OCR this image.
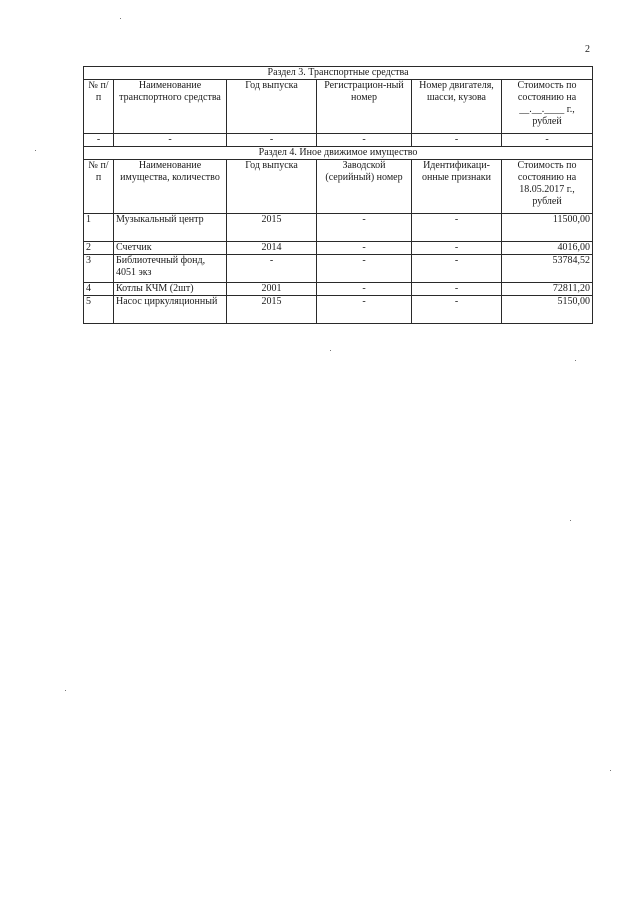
2
Раздел 3. Транспортные средства					
№ п/п	Наименование транспортного средства	Год выпуска	Регистрацион-ный номер	Номер двигателя, шасси, кузова	Стоимость по состоянию на __.__.____ г., рублей
-	-	-	-	-	-
Раздел 4. Иное движимое имущество					
№ п/п	Наименование имущества, количество	Год выпуска	Заводской (серийный) номер	Идентификаци-онные признаки	Стоимость по состоянию на 18.05.2017 г., рублей
1	Музыкальный центр	2015	-	-	11500,00
2	Счетчик	2014	-	-	4016,00
3	Библиотечный фонд, 4051 экз	-	-	-	53784,52
4	Котлы КЧМ (2шт)	2001	-	-	72811,20
5	Насос циркуляционный	2015	-	-	5150,00
